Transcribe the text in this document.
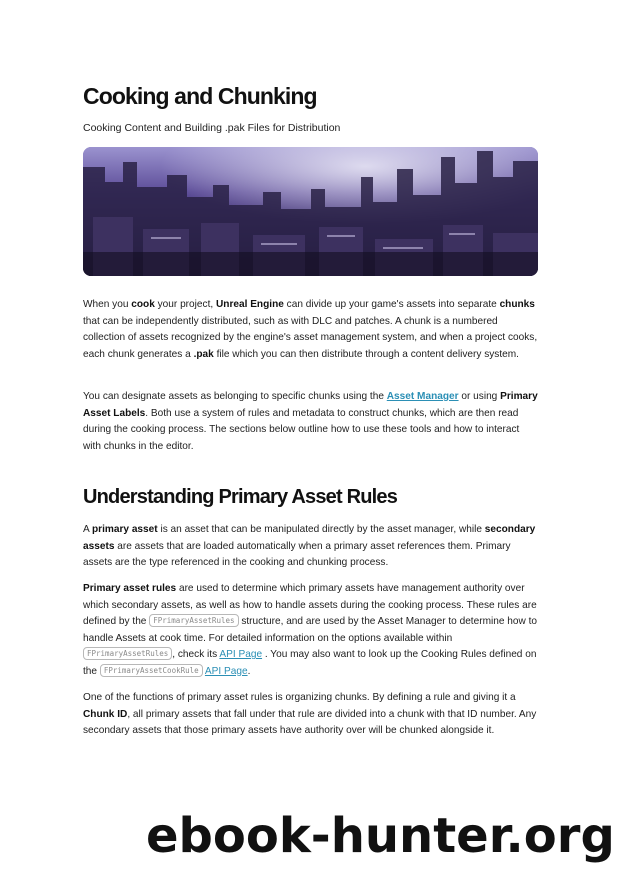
Cooking and Chunking

Cooking Content and Building .pak Files for Distribution

When you cook your project, Unreal Engine can divide up your game's assets into separate chunks that can be independently distributed, such as with DLC and patches. A chunk is a numbered collection of assets recognized by the engine's asset management system, and when a project cooks, each chunk generates a .pak file which you can then distribute through a content delivery system.

You can designate assets as belonging to specific chunks using the Asset Manager or using Primary Asset Labels. Both use a system of rules and metadata to construct chunks, which are then read during the cooking process. The sections below outline how to use these tools and how to interact with chunks in the editor.

Understanding Primary Asset Rules

A primary asset is an asset that can be manipulated directly by the asset manager, while secondary assets are assets that are loaded automatically when a primary asset references them. Primary assets are the type referenced in the cooking and chunking process.

Primary asset rules are used to determine which primary assets have management authority over which secondary assets, as well as how to handle assets during the cooking process. These rules are defined by the FPrimaryAssetRules structure, and are used by the Asset Manager to determine how to handle Assets at cook time. For detailed information on the options available within FPrimaryAssetRules , check its API Page . You may also want to look up the Cooking Rules defined on the FPrimaryAssetCookRule API Page.

One of the functions of primary asset rules is organizing chunks. By defining a rule and giving it a Chunk ID, all primary assets that fall under that rule are divided into a chunk with that ID number. Any secondary assets that those primary assets have authority over will be chunked alongside it.

ebook-hunter.org
